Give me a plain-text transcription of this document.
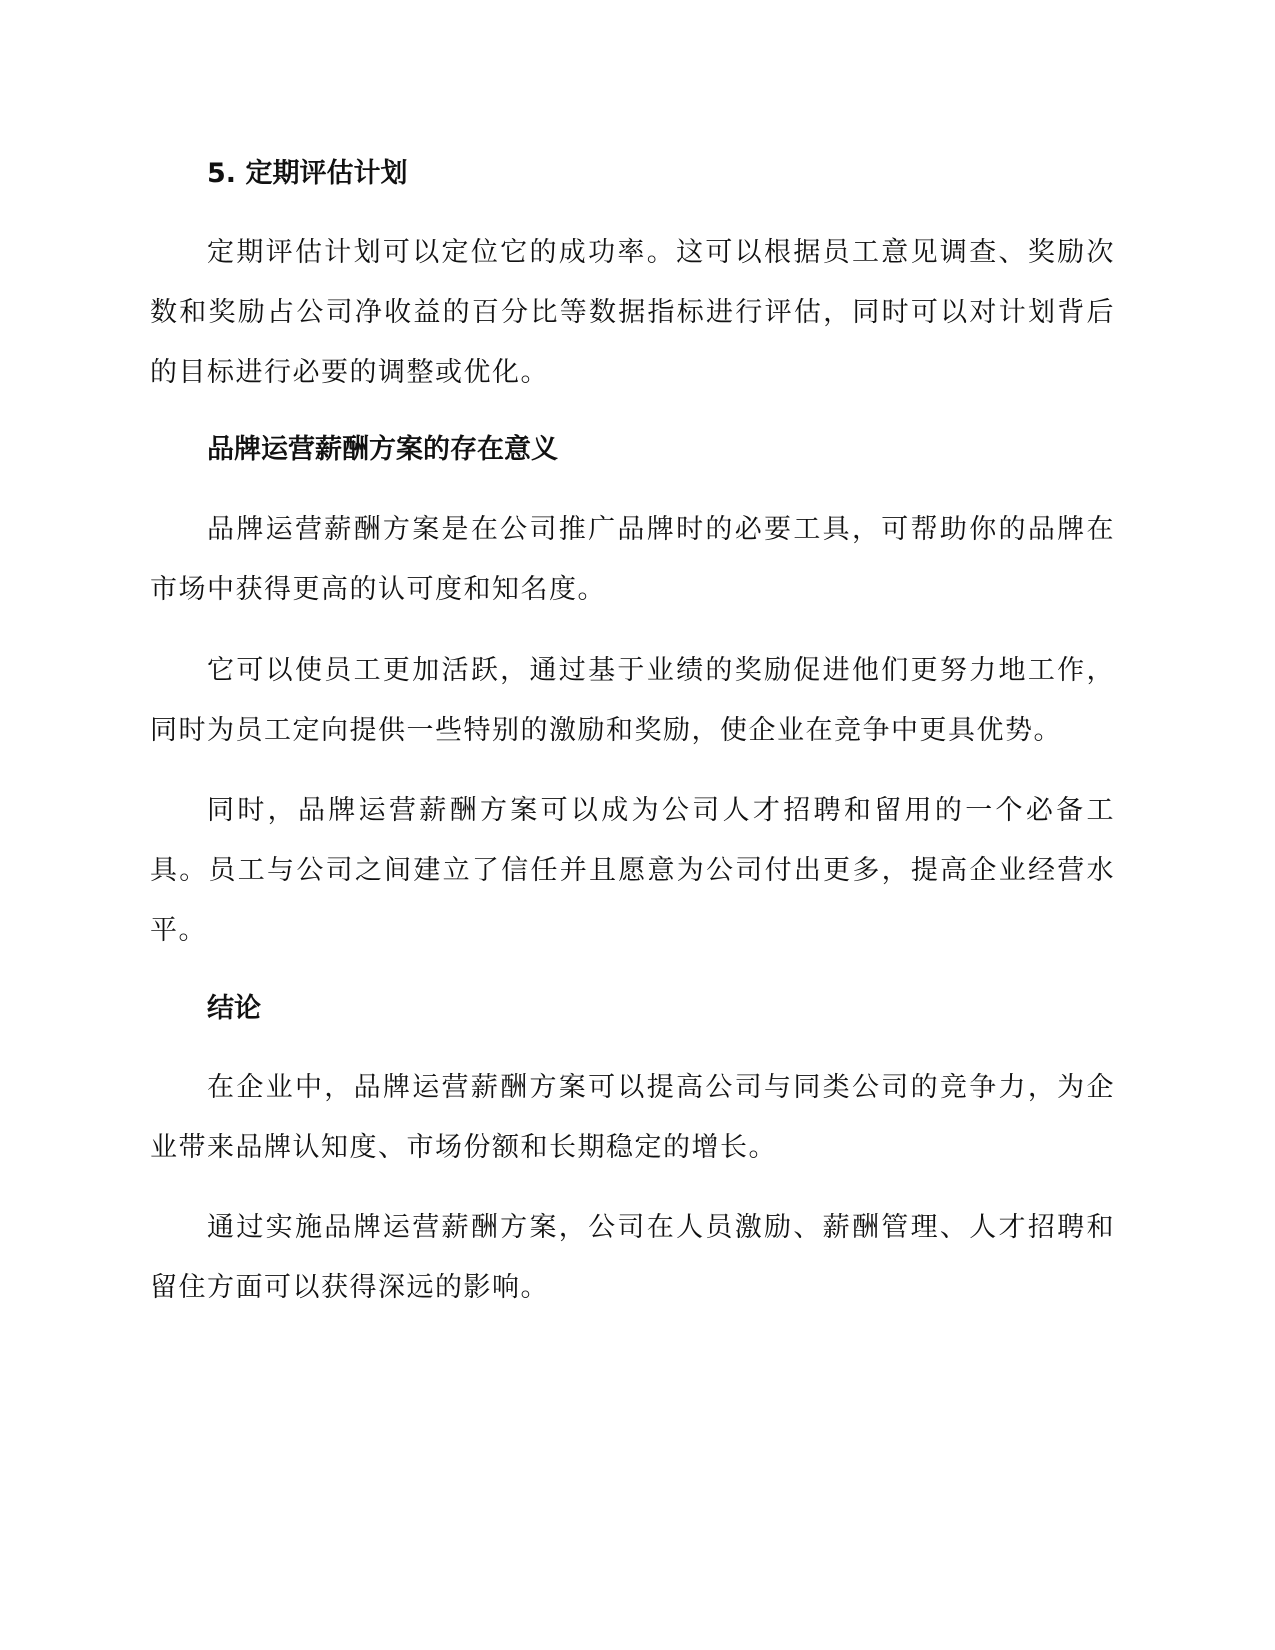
5. 定期评估计划

定期评估计划可以定位它的成功率。这可以根据员工意见调查、奖励次数和奖励占公司净收益的百分比等数据指标进行评估，同时可以对计划背后的目标进行必要的调整或优化。

品牌运营薪酬方案的存在意义

品牌运营薪酬方案是在公司推广品牌时的必要工具，可帮助你的品牌在市场中获得更高的认可度和知名度。

它可以使员工更加活跃，通过基于业绩的奖励促进他们更努力地工作，同时为员工定向提供一些特别的激励和奖励，使企业在竞争中更具优势。

同时，品牌运营薪酬方案可以成为公司人才招聘和留用的一个必备工具。员工与公司之间建立了信任并且愿意为公司付出更多，提高企业经营水平。

结论

在企业中，品牌运营薪酬方案可以提高公司与同类公司的竞争力，为企业带来品牌认知度、市场份额和长期稳定的增长。

通过实施品牌运营薪酬方案，公司在人员激励、薪酬管理、人才招聘和留住方面可以获得深远的影响。
